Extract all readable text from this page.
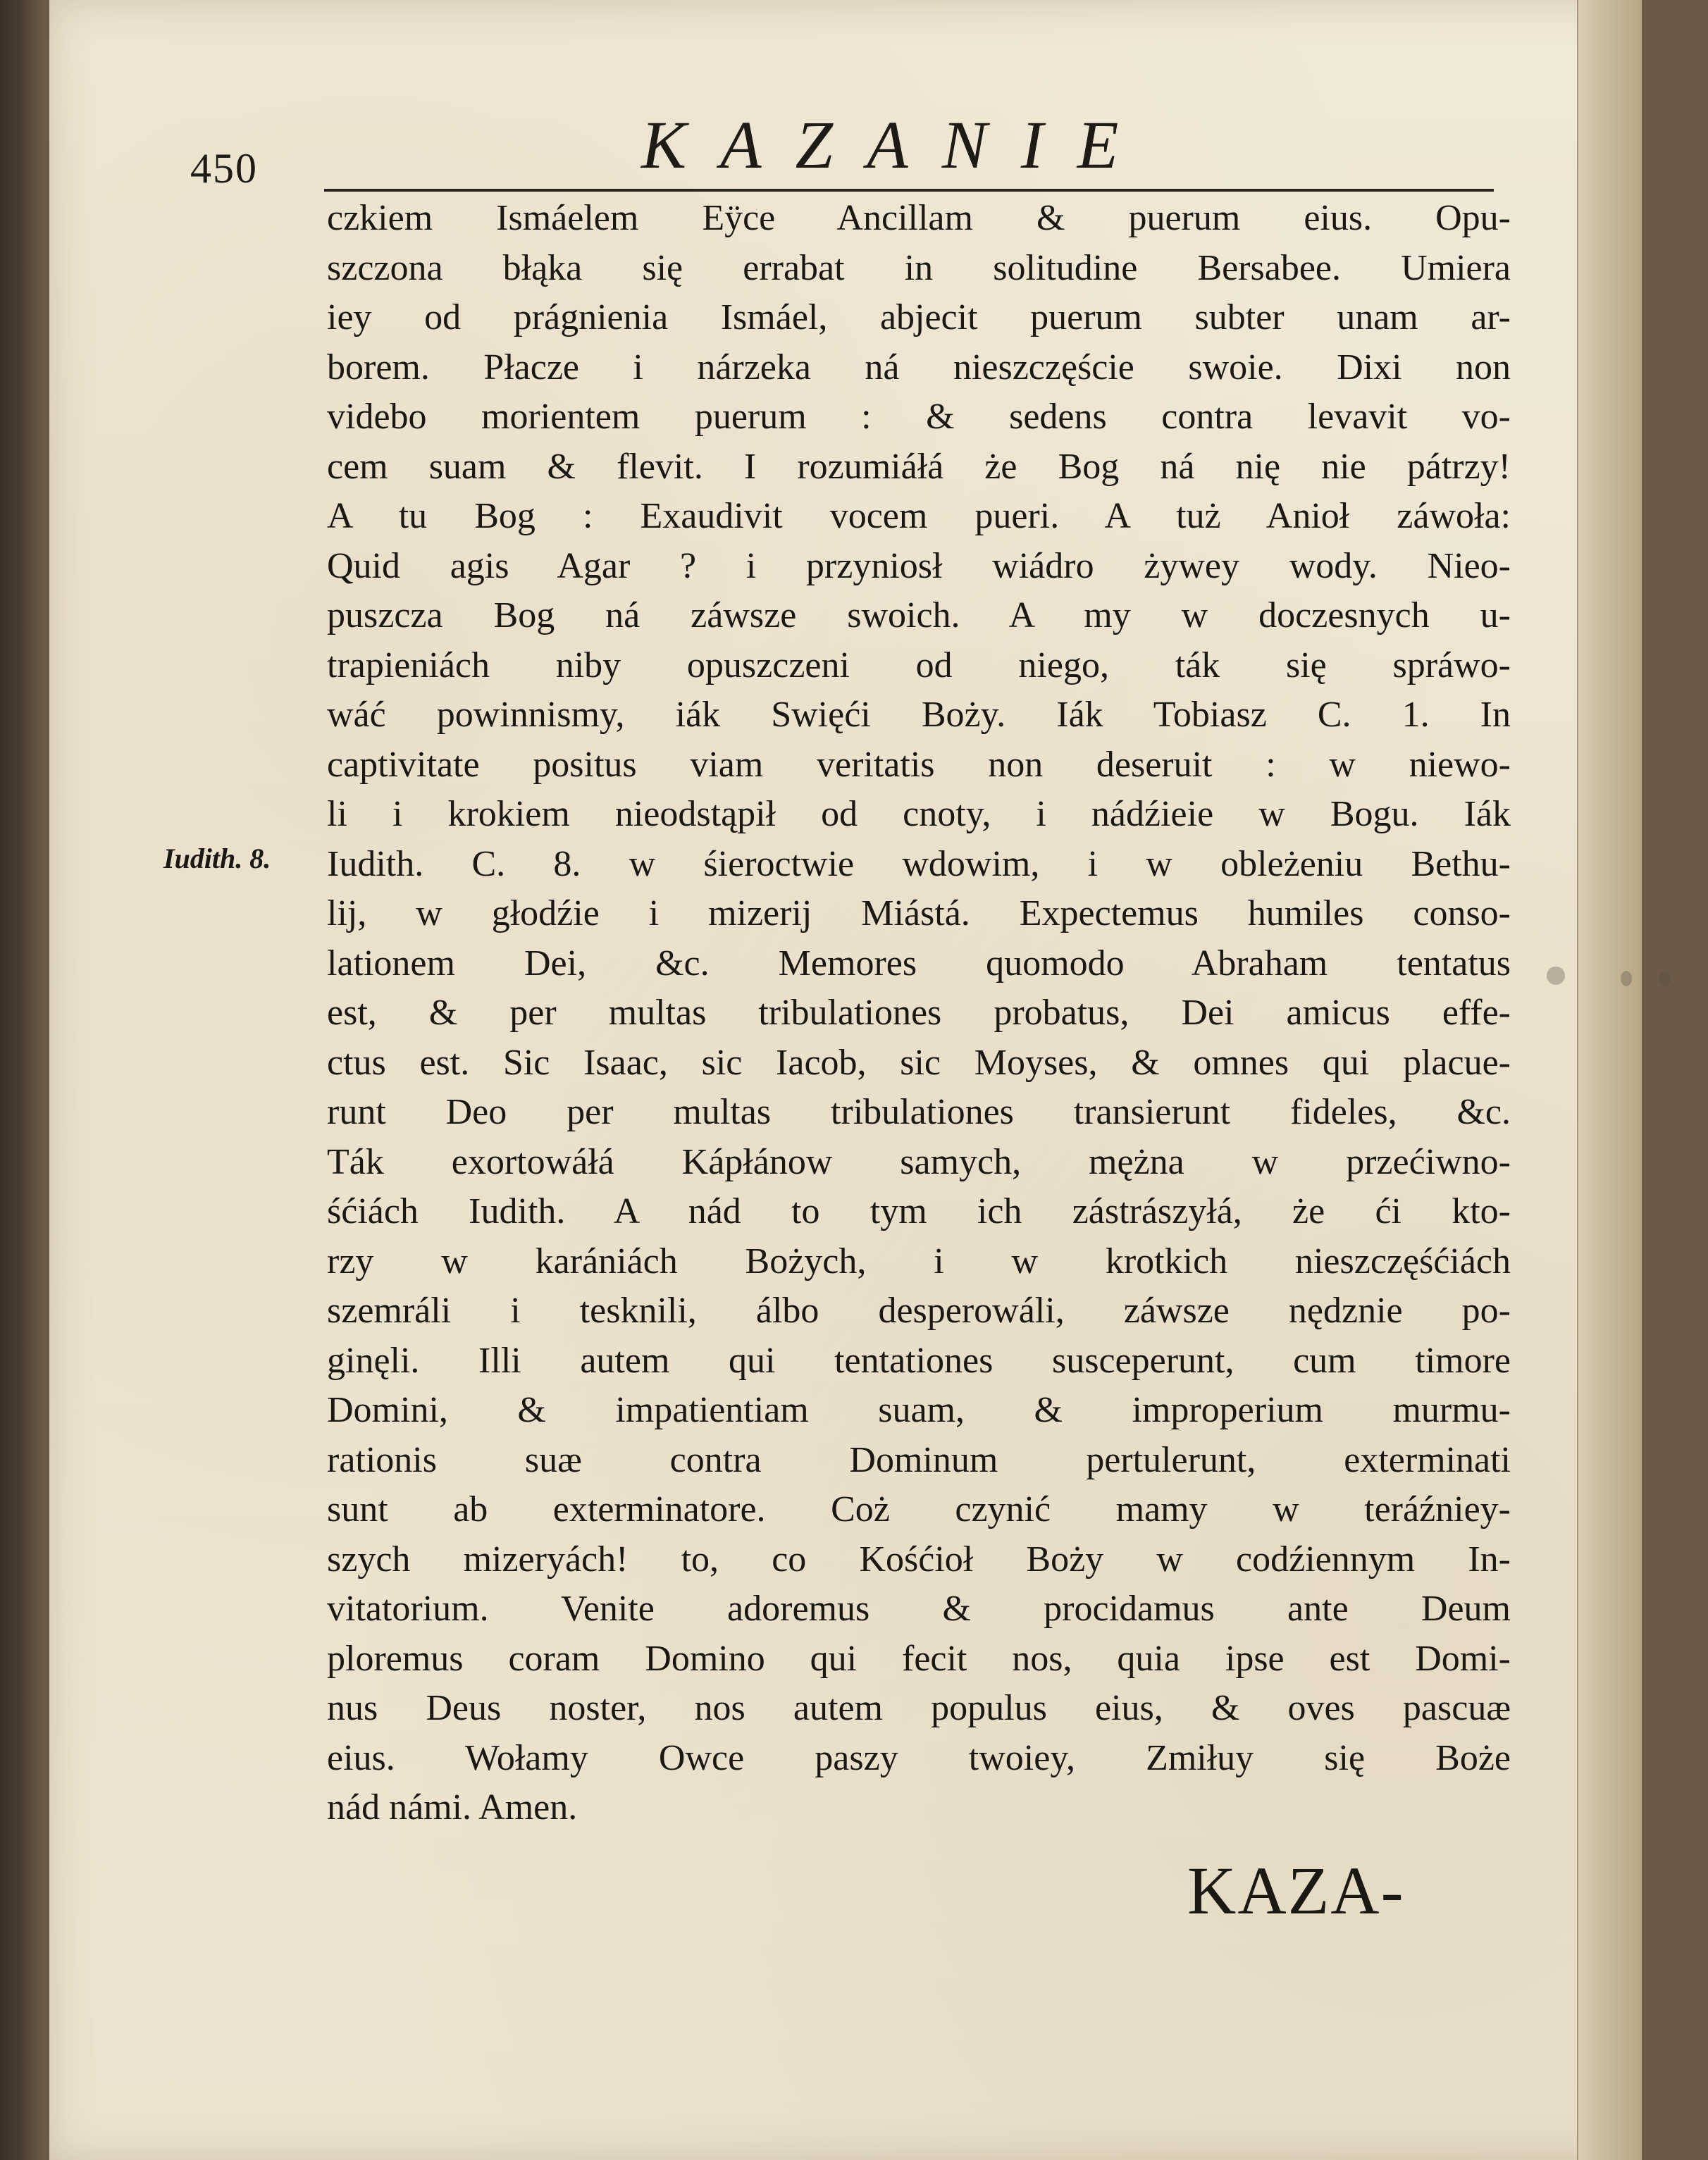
450	KAZANIE
Iudith. 8.
czkiem Ismáelem Eÿce Ancillam & puerum eius. Opu-
szczona błąka się errabat in solitudine Bersabee. Umiera
iey od prágnienia Ismáel, abjecit puerum subter unam ar-
borem. Płacze i nárzeka ná nieszczęście swoie. Dixi non
videbo morientem puerum : & sedens contra levavit vo-
cem suam & flevit. I rozumiáłá że Bog ná nię nie pátrzy!
A tu Bog : Exaudivit vocem pueri. A tuż Anioł záwoła:
Quid agis Agar ? i przyniosł wiádro żywey wody. Nieo-
puszcza Bog ná záwsze swoich. A my w doczesnych u-
trapieniách niby opuszczeni od niego, ták się spráwo-
wáć powinnismy, iák Swięći Boży. Iák Tobiasz C. 1. In
captivitate positus viam veritatis non deseruit : w niewo-
li i krokiem nieodstąpił od cnoty, i nádźieie w Bogu. Iák
Iudith. C. 8. w śieroctwie wdowim, i w obleżeniu Bethu-
lij, w głodźie i mizerij Miástá. Expectemus humiles conso-
lationem Dei, &c. Memores quomodo Abraham tentatus
est, & per multas tribulationes probatus, Dei amicus effe-
ctus est. Sic Isaac, sic Iacob, sic Moyses, & omnes qui placue-
runt Deo per multas tribulationes transierunt fideles, &c.
Ták exortowáłá Kápłánow samych, mężna w przećiwno-
śćiách Iudith. A nád to tym ich zástrászyłá, że ći kto-
rzy w karániách Bożych, i w krotkich nieszczęśćiách
szemráli i tesknili, álbo desperowáli, záwsze nędznie po-
ginęli. Illi autem qui tentationes susceperunt, cum timore
Domini, & impatientiam suam, & improperium murmu-
rationis suæ contra Dominum pertulerunt, exterminati
sunt ab exterminatore. Coż czynić mamy w teráźniey-
szych mizeryách! to, co Kośćioł Boży w codźiennym In-
vitatorium. Venite adoremus & procidamus ante Deum
ploremus coram Domino qui fecit nos, quia ipse est Domi-
nus Deus noster, nos autem populus eius, & oves pascuæ
eius. Wołamy Owce paszy twoiey, Zmiłuy się Boże
nád námi. Amen.
KAZA-
